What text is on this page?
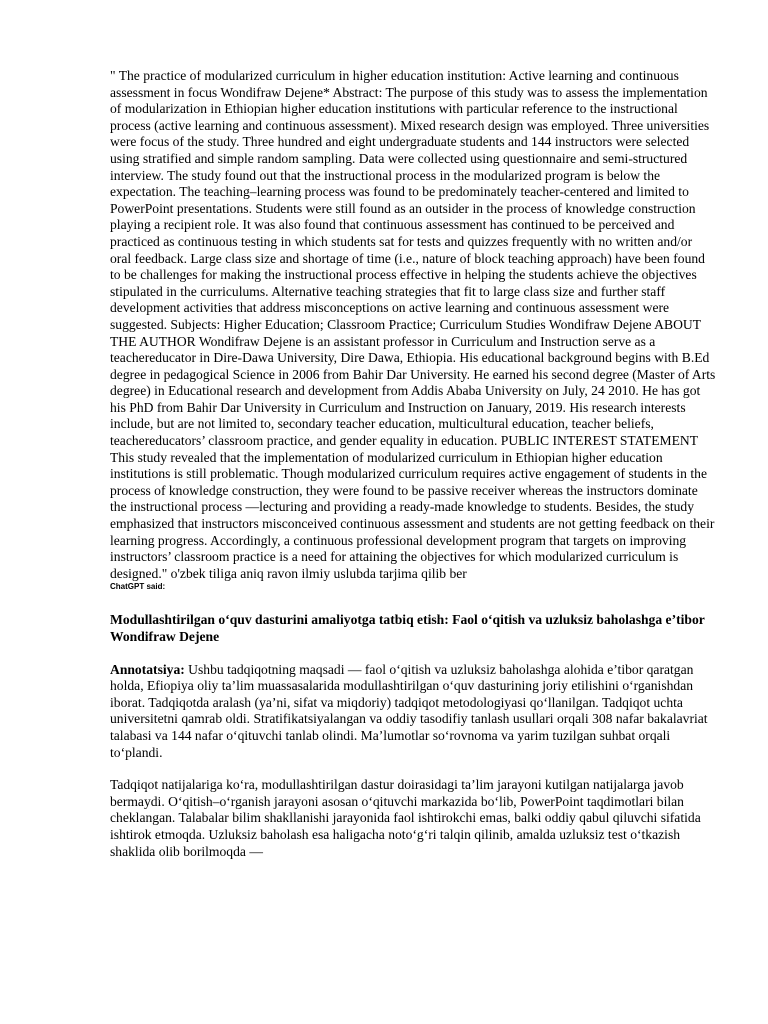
" The practice of modularized curriculum in higher education institution: Active learning and continuous assessment in focus Wondifraw Dejene* Abstract: The purpose of this study was to assess the implementation of modularization in Ethiopian higher education institutions with particular reference to the instructional process (active learning and continuous assessment). Mixed research design was employed. Three universities were focus of the study. Three hundred and eight undergraduate students and 144 instructors were selected using stratified and simple random sampling. Data were collected using questionnaire and semi-structured interview. The study found out that the instructional process in the modularized program is below the expectation. The teaching–learning process was found to be predominately teacher-centered and limited to PowerPoint presentations. Students were still found as an outsider in the process of knowledge construction playing a recipient role. It was also found that continuous assessment has continued to be perceived and practiced as continuous testing in which students sat for tests and quizzes frequently with no written and/or oral feedback. Large class size and shortage of time (i.e., nature of block teaching approach) have been found to be challenges for making the instructional process effective in helping the students achieve the objectives stipulated in the curriculums. Alternative teaching strategies that fit to large class size and further staff development activities that address misconceptions on active learning and continuous assessment were suggested. Subjects: Higher Education; Classroom Practice; Curriculum Studies Wondifraw Dejene ABOUT THE AUTHOR Wondifraw Dejene is an assistant professor in Curriculum and Instruction serve as a teachereducator in Dire-Dawa University, Dire Dawa, Ethiopia. His educational background begins with B.Ed degree in pedagogical Science in 2006 from Bahir Dar University. He earned his second degree (Master of Arts degree) in Educational research and development from Addis Ababa University on July, 24 2010. He has got his PhD from Bahir Dar University in Curriculum and Instruction on January, 2019. His research interests include, but are not limited to, secondary teacher education, multicultural education, teacher beliefs, teachereducators’ classroom practice, and gender equality in education. PUBLIC INTEREST STATEMENT This study revealed that the implementation of modularized curriculum in Ethiopian higher education institutions is still problematic. Though modularized curriculum requires active engagement of students in the process of knowledge construction, they were found to be passive receiver whereas the instructors dominate the instructional process —lecturing and providing a ready-made knowledge to students. Besides, the study emphasized that instructors misconceived continuous assessment and students are not getting feedback on their learning progress. Accordingly, a continuous professional development program that targets on improving instructors’ classroom practice is a need for attaining the objectives for which modularized curriculum is designed." o'zbek tiliga aniq ravon ilmiy uslubda tarjima qilib ber

ChatGPT said:

Modullashtirilgan o‘quv dasturini amaliyotga tatbiq etish: Faol o‘qitish va uzluksiz baholashga e’tibor

Wondifraw Dejene

Annotatsiya: Ushbu tadqiqotning maqsadi — faol o‘qitish va uzluksiz baholashga alohida e’tibor qaratgan holda, Efiopiya oliy ta’lim muassasalarida modullashtirilgan o‘quv dasturining joriy etilishini o‘rganishdan iborat. Tadqiqotda aralash (ya’ni, sifat va miqdoriy) tadqiqot metodologiyasi qo‘llanilgan. Tadqiqot uchta universitetni qamrab oldi. Stratifikatsiyalangan va oddiy tasodifiy tanlash usullari orqali 308 nafar bakalavriat talabasi va 144 nafar o‘qituvchi tanlab olindi. Ma’lumotlar so‘rovnoma va yarim tuzilgan suhbat orqali to‘plandi.

Tadqiqot natijalariga ko‘ra, modullashtirilgan dastur doirasidagi ta’lim jarayoni kutilgan natijalarga javob bermaydi. O‘qitish–o‘rganish jarayoni asosan o‘qituvchi markazida bo‘lib, PowerPoint taqdimotlari bilan cheklangan. Talabalar bilim shakllanishi jarayonida faol ishtirokchi emas, balki oddiy qabul qiluvchi sifatida ishtirok etmoqda. Uzluksiz baholash esa haligacha noto‘g‘ri talqin qilinib, amalda uzluksiz test o‘tkazish shaklida olib borilmoqda —
